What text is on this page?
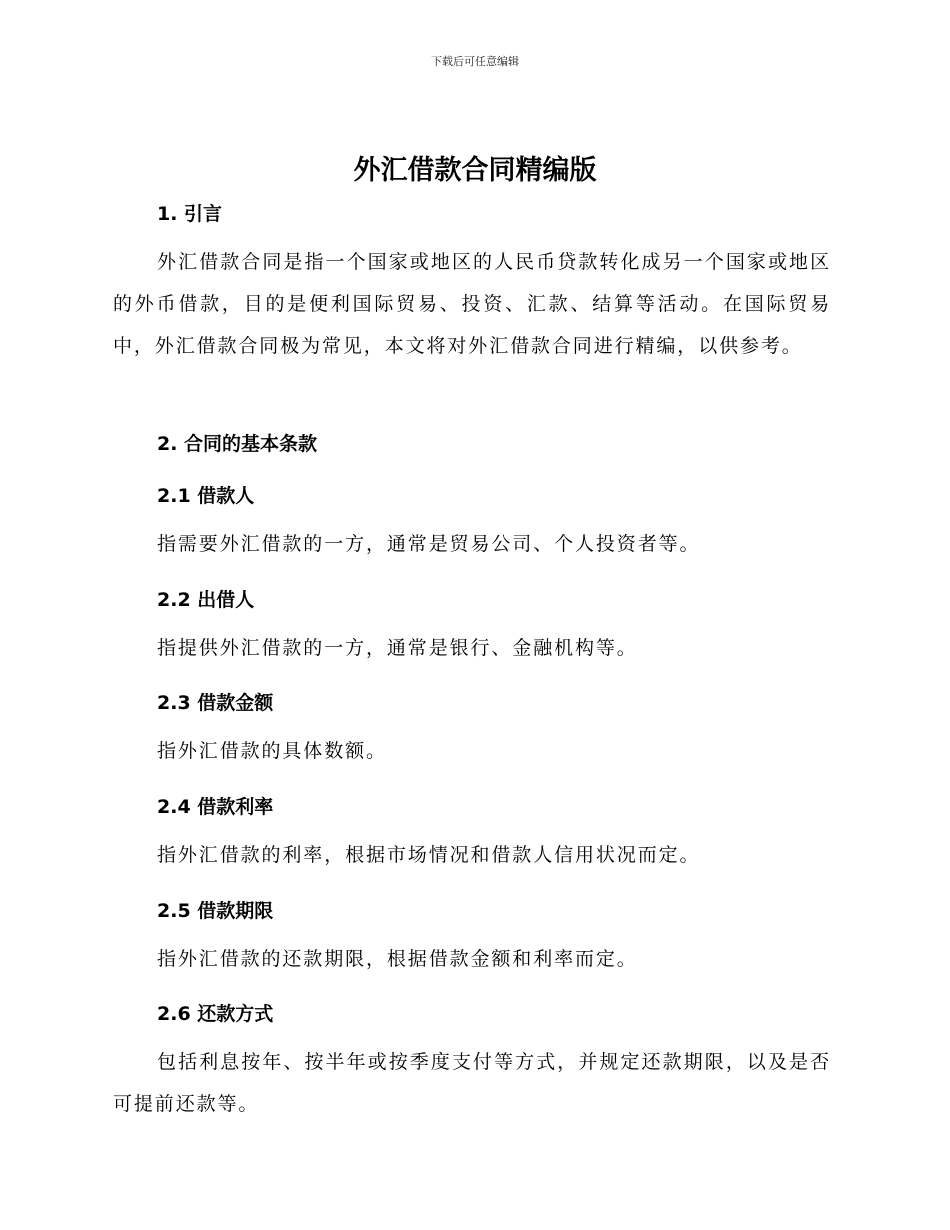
下载后可任意编辑
外汇借款合同精编版
1. 引言

外汇借款合同是指一个国家或地区的人民币贷款转化成另一个国家或地区的外币借款，目的是便利国际贸易、投资、汇款、结算等活动。在国际贸易中，外汇借款合同极为常见，本文将对外汇借款合同进行精编，以供参考。

2. 合同的基本条款
2.1 借款人

指需要外汇借款的一方，通常是贸易公司、个人投资者等。

2.2 出借人

指提供外汇借款的一方，通常是银行、金融机构等。

2.3 借款金额

指外汇借款的具体数额。

2.4 借款利率

指外汇借款的利率，根据市场情况和借款人信用状况而定。

2.5 借款期限

指外汇借款的还款期限，根据借款金额和利率而定。

2.6 还款方式

包括利息按年、按半年或按季度支付等方式，并规定还款期限，以及是否可提前还款等。
